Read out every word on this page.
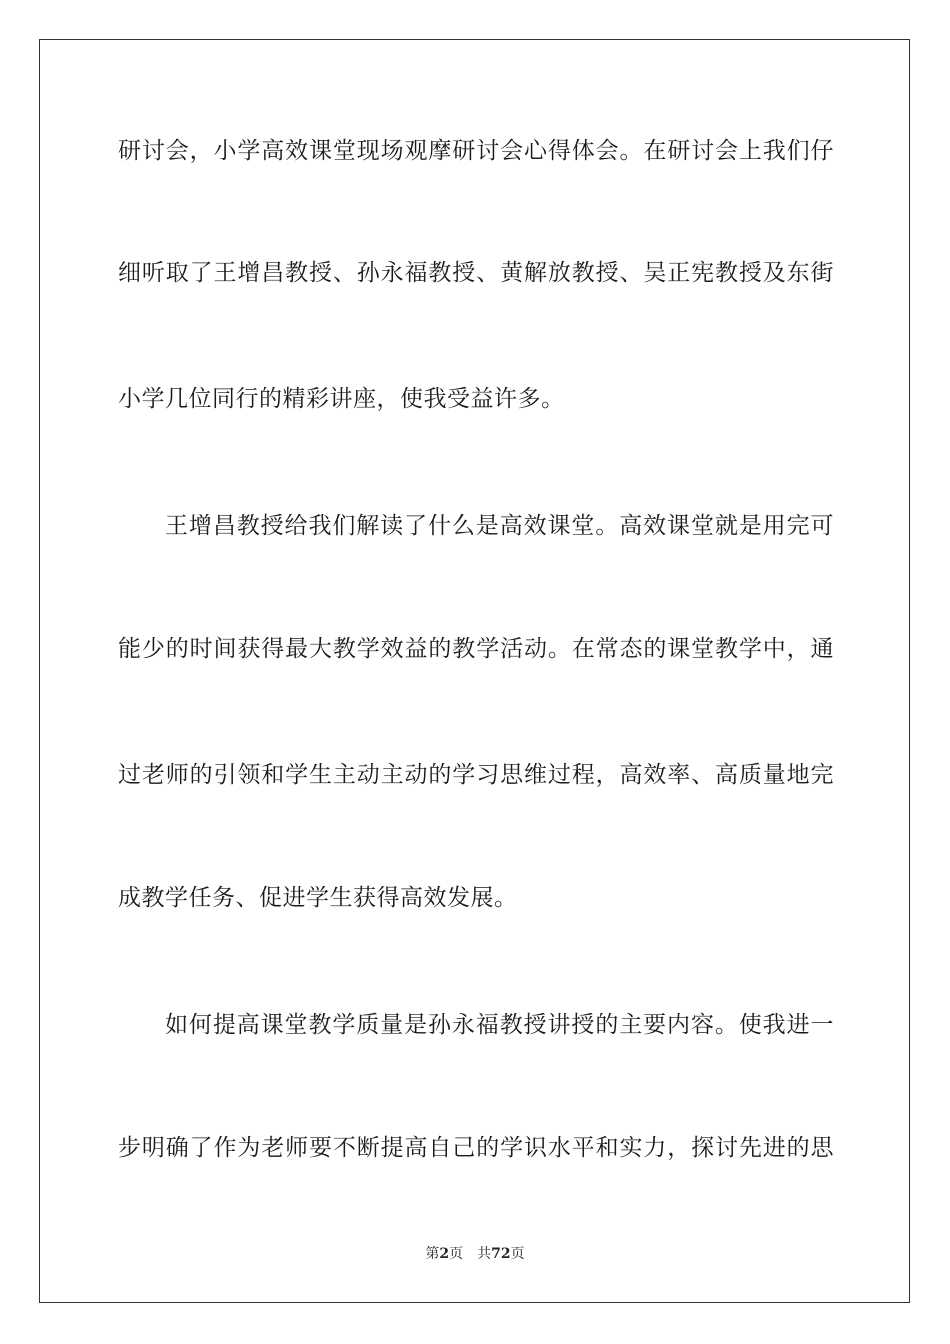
研讨会，小学高效课堂现场观摩研讨会心得体会。在研讨会上我们仔
细听取了王增昌教授、孙永福教授、黄解放教授、吴正宪教授及东街
小学几位同行的精彩讲座，使我受益许多。
王增昌教授给我们解读了什么是高效课堂。高效课堂就是用完可
能少的时间获得最大教学效益的教学活动。在常态的课堂教学中，通
过老师的引领和学生主动主动的学习思维过程，高效率、高质量地完
成教学任务、促进学生获得高效发展。
如何提高课堂教学质量是孙永福教授讲授的主要内容。使我进一
步明确了作为老师要不断提高自己的学识水平和实力，探讨先进的思
第2页 共72页
